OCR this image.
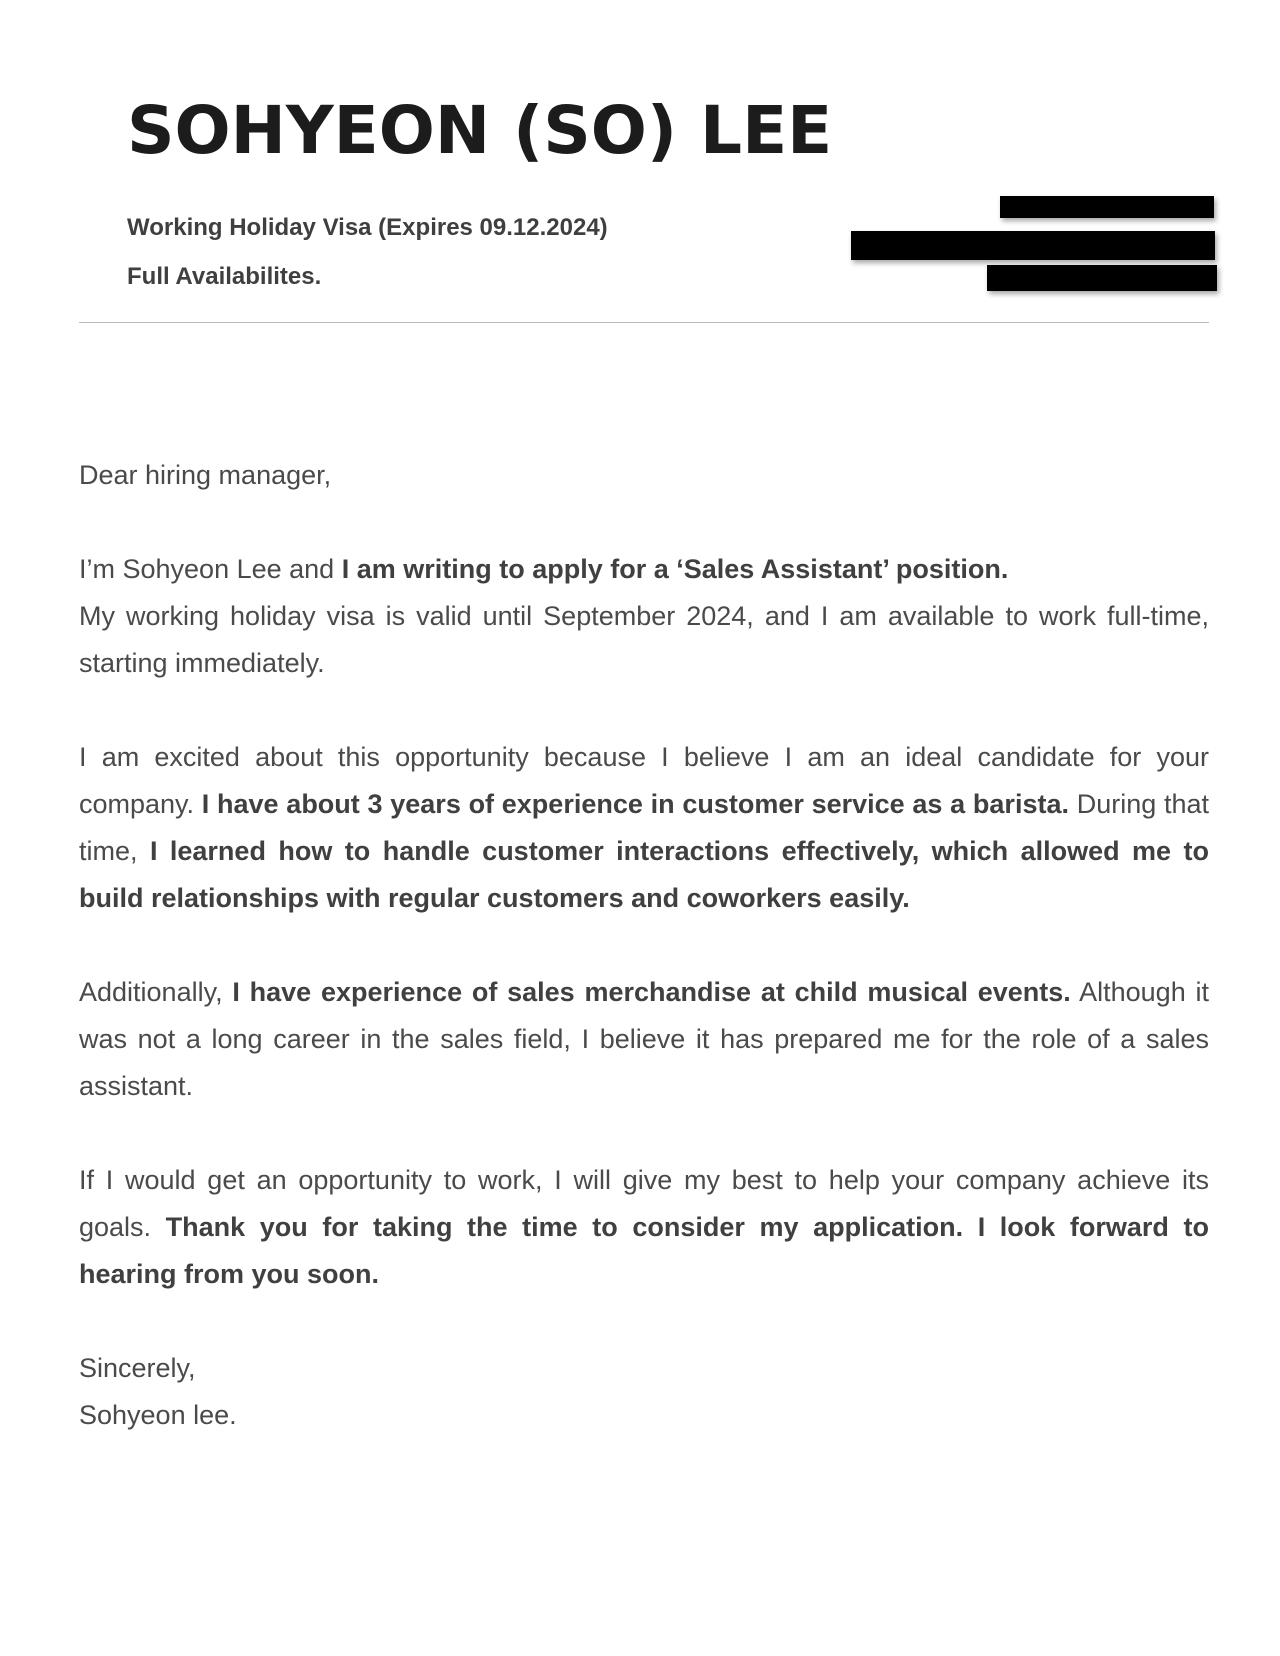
SOHYEON (SO) LEE
Working Holiday Visa (Expires 09.12.2024)
Full Availabilites.

Dear hiring manager,

I’m Sohyeon Lee and I am writing to apply for a ‘Sales Assistant’ position.
My working holiday visa is valid until September 2024, and I am available to work full-time, starting immediately.

I am excited about this opportunity because I believe I am an ideal candidate for your company. I have about 3 years of experience in customer service as a barista. During that time, I learned how to handle customer interactions effectively, which allowed me to build relationships with regular customers and coworkers easily.

Additionally, I have experience of sales merchandise at child musical events. Although it was not a long career in the sales field, I believe it has prepared me for the role of a sales assistant.

If I would get an opportunity to work, I will give my best to help your company achieve its goals. Thank you for taking the time to consider my application. I look forward to hearing from you soon.

Sincerely,
Sohyeon lee.
